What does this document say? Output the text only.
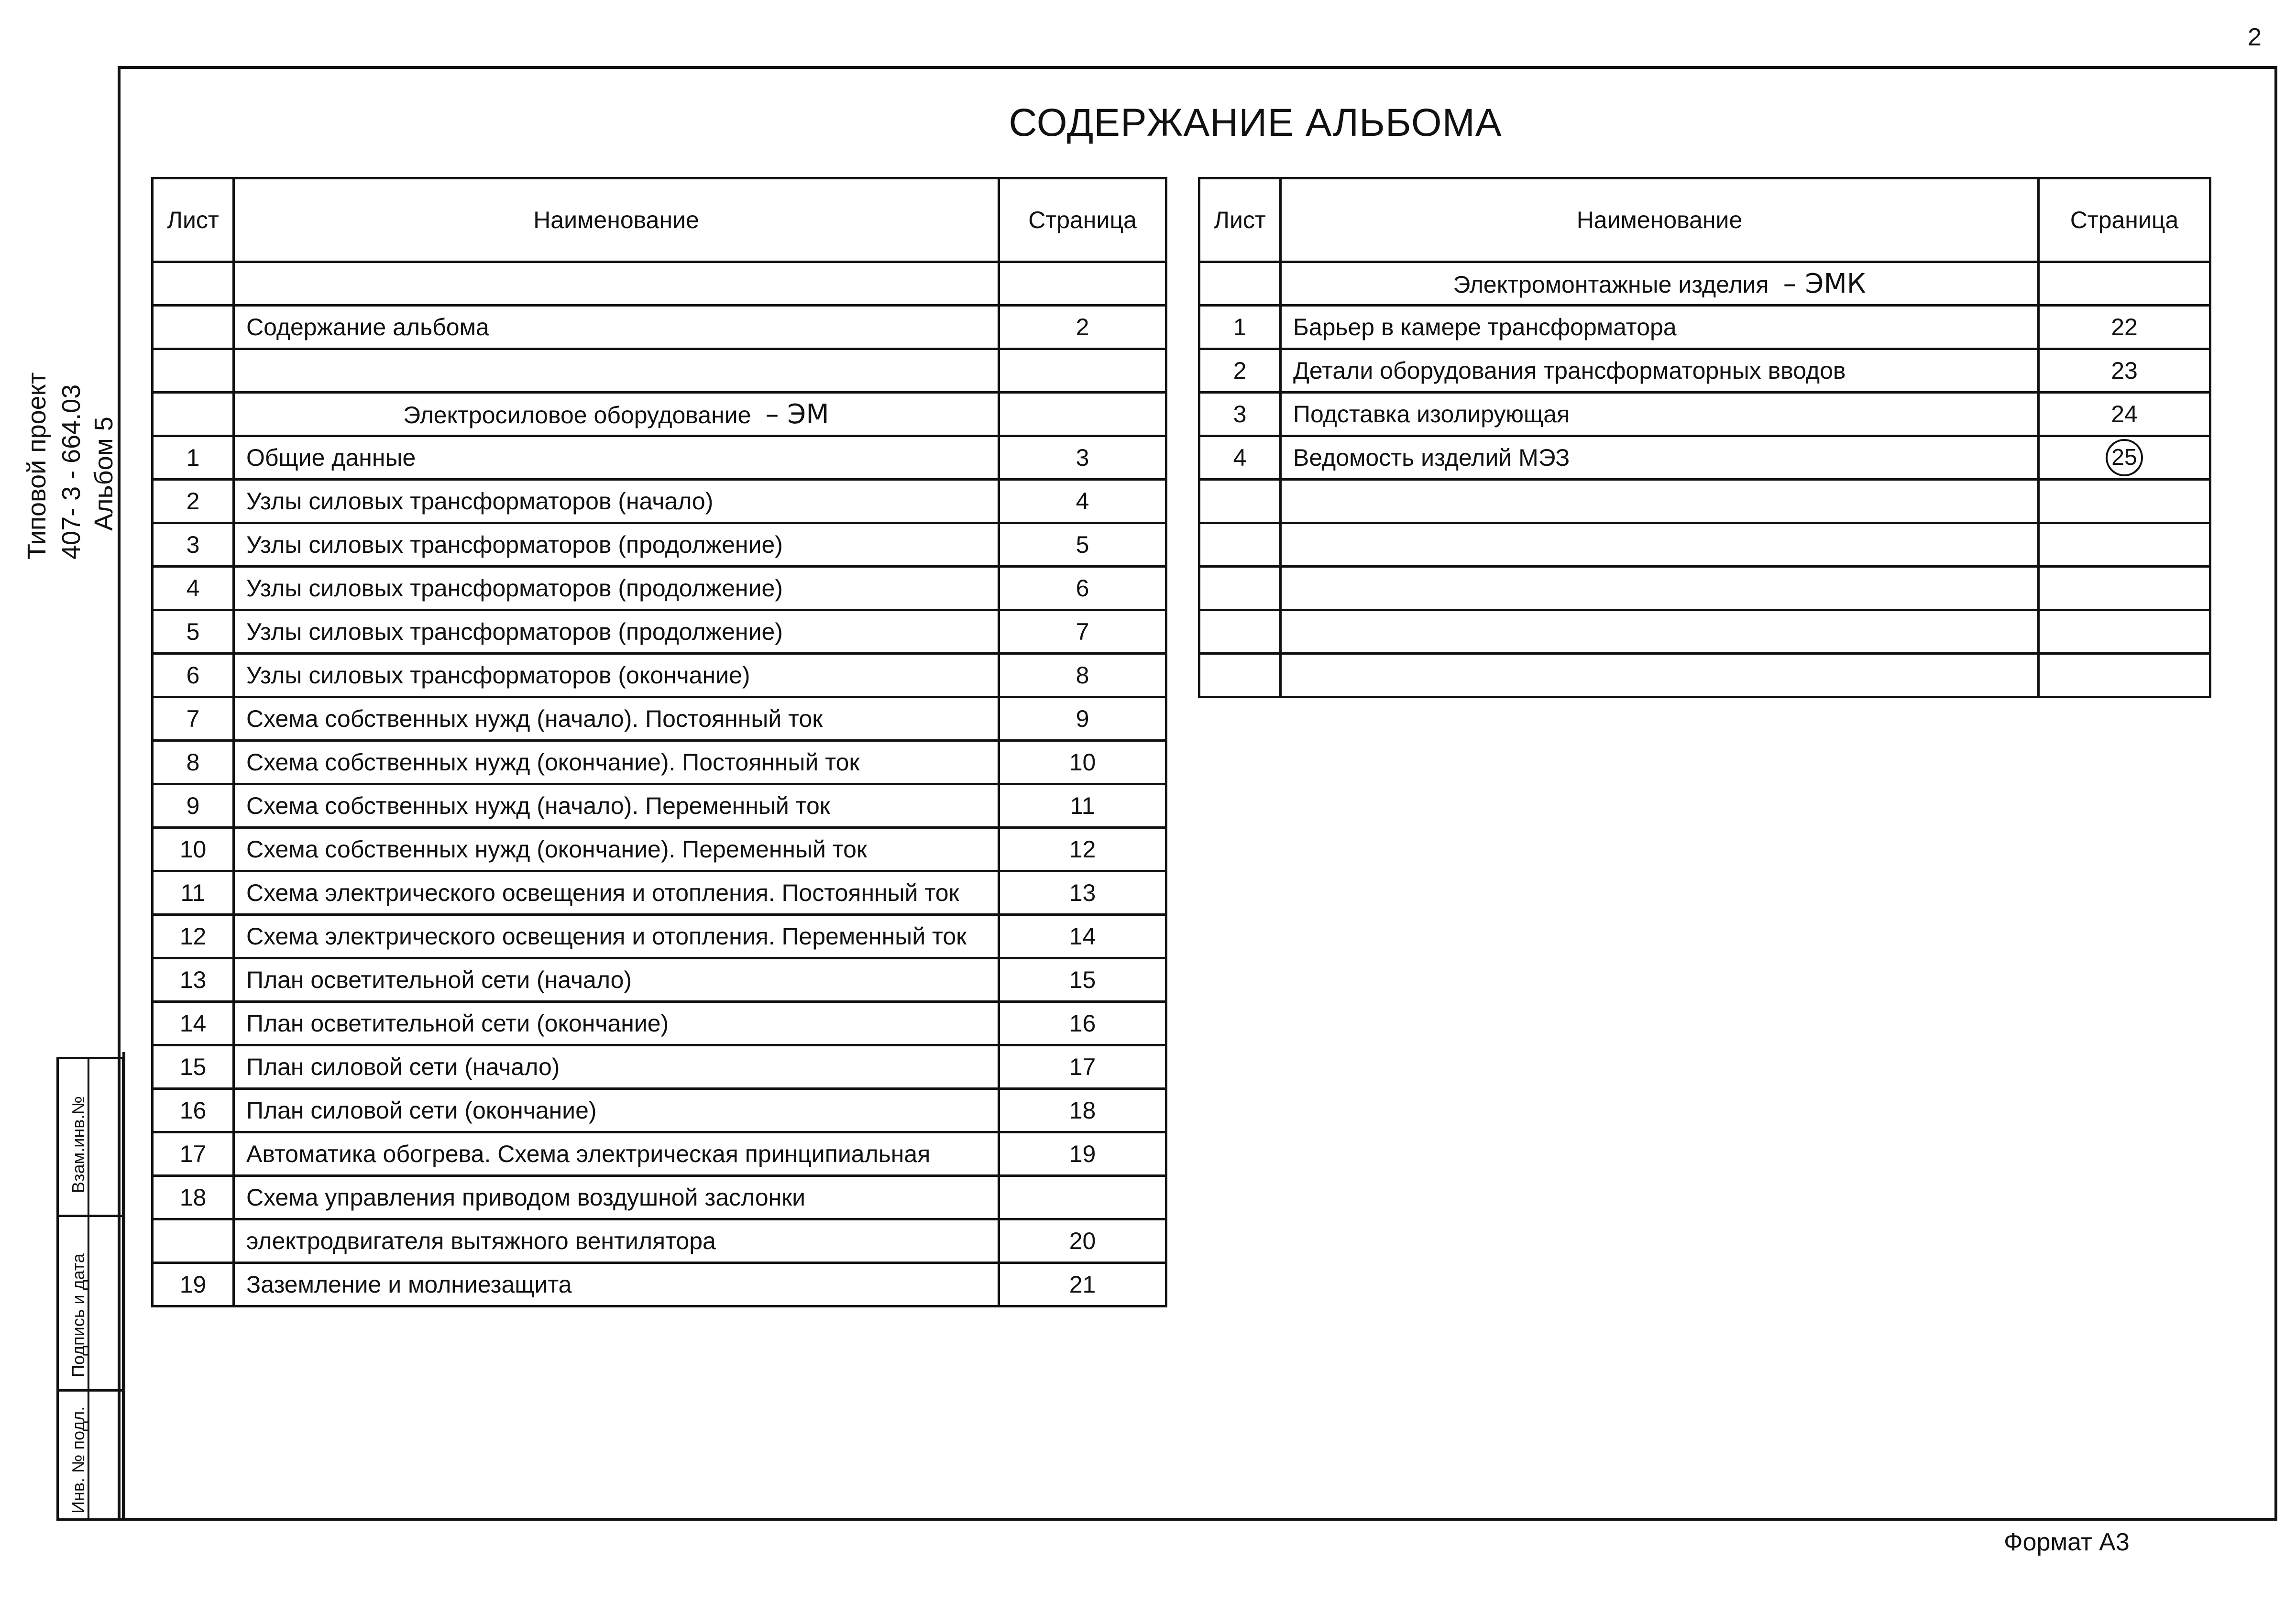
2
СОДЕРЖАНИЕ АЛЬБОМА
Типовой проект 407- 3 - 664.03 Альбом 5
Взам.инв.№
Подпись и дата
Инв. № подл.
Лист	Наименование	Страница

	Содержание альбома	2

	Электросиловое оборудование – ЭМ	
1	Общие данные	3
2	Узлы силовых трансформаторов (начало)	4
3	Узлы силовых трансформаторов (продолжение)	5
4	Узлы силовых трансформаторов (продолжение)	6
5	Узлы силовых трансформаторов (продолжение)	7
6	Узлы силовых трансформаторов (окончание)	8
7	Схема собственных нужд (начало). Постоянный ток	9
8	Схема собственных нужд (окончание). Постоянный ток	10
9	Схема собственных нужд (начало). Переменный ток	11
10	Схема собственных нужд (окончание). Переменный ток	12
11	Схема электрического освещения и отопления. Постоянный ток	13
12	Схема электрического освещения и отопления. Переменный ток	14
13	План осветительной сети (начало)	15
14	План осветительной сети (окончание)	16
15	План силовой сети (начало)	17
16	План силовой сети (окончание)	18
17	Автоматика обогрева. Схема электрическая принципиальная	19
18	Схема управления приводом воздушной заслонки	
	электродвигателя вытяжного вентилятора	20
19	Заземление и молниезащита	21
Лист	Наименование	Страница
	Электромонтажные изделия – ЭМК	
1	Барьер в камере трансформатора	22
2	Детали оборудования трансформаторных вводов	23
3	Подставка изолирующая	24
4	Ведомость изделий МЭЗ	25

Формат А3
